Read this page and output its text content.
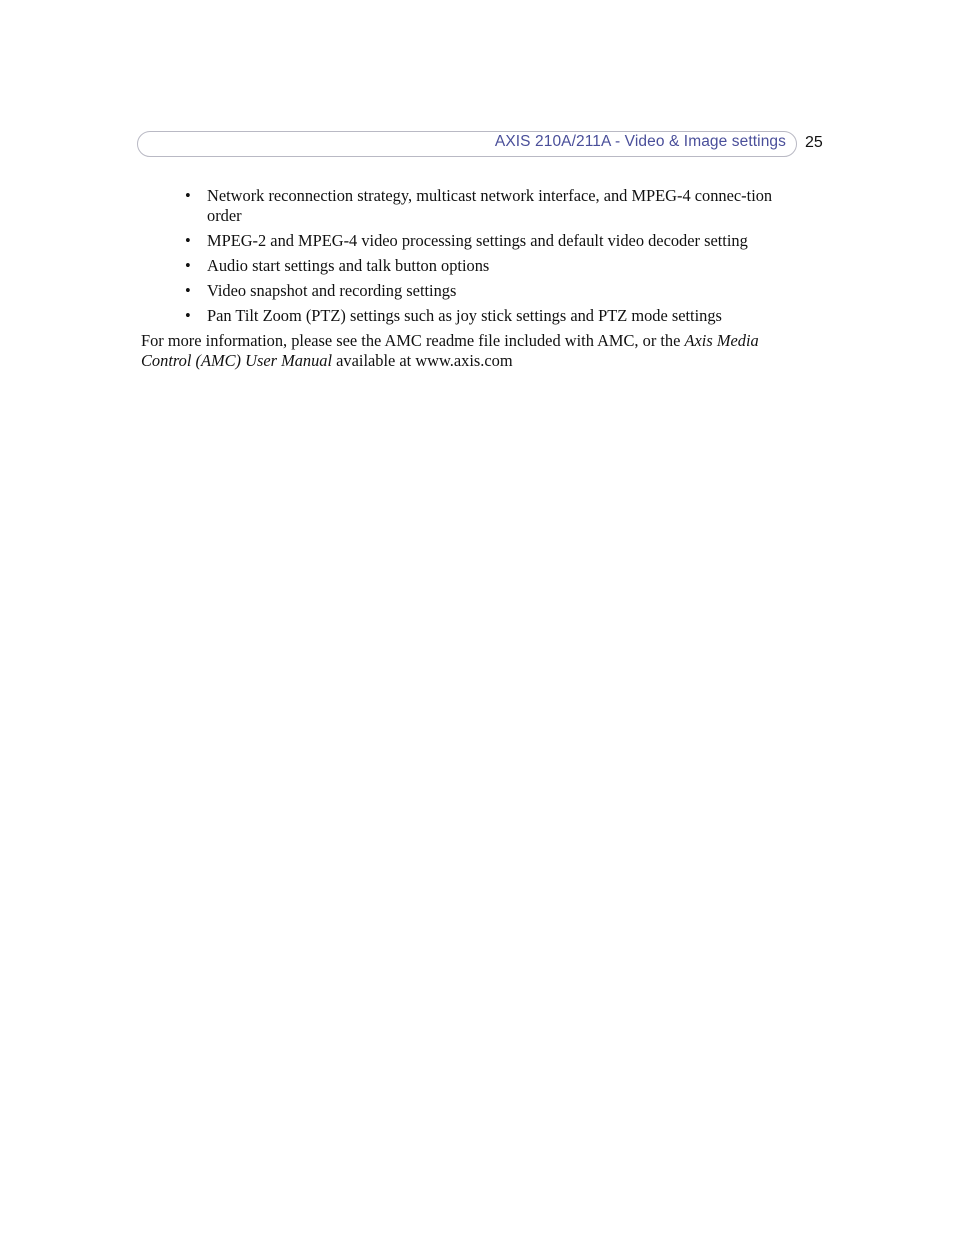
AXIS 210A/211A - Video & Image settings 25
• Network reconnection strategy, multicast network interface, and MPEG-4 connec-tion order
• MPEG-2 and MPEG-4 video processing settings and default video decoder setting
• Audio start settings and talk button options
• Video snapshot and recording settings
• Pan Tilt Zoom (PTZ) settings such as joy stick settings and PTZ mode settings

For more information, please see the AMC readme file included with AMC, or the Axis Media Control (AMC) User Manual available at www.axis.com
